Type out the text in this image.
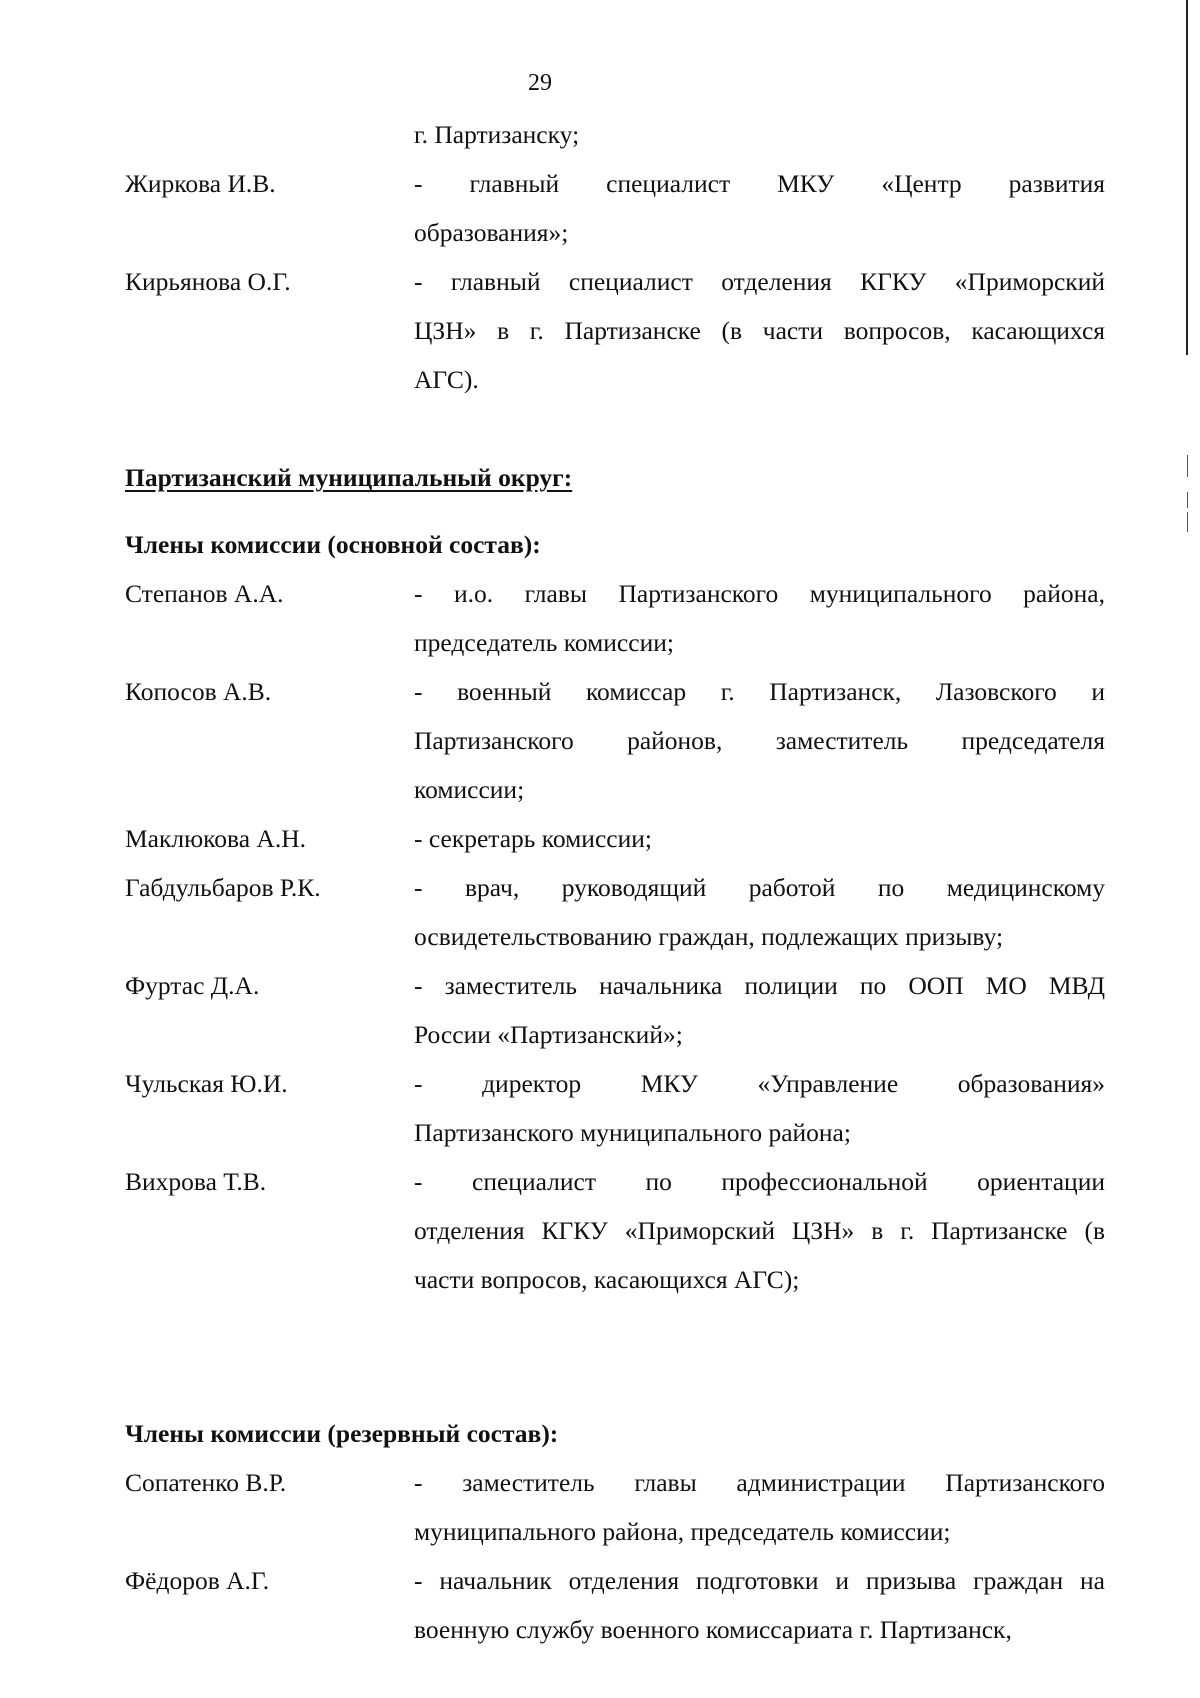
29
г. Партизанску;
Жиркова И.В.	- главный специалист МКУ «Центр развития
образования»;
Кирьянова О.Г.	- главный специалист отделения КГКУ «Приморский
ЦЗН» в г. Партизанске (в части вопросов, касающихся
АГС).
Партизанский муниципальный округ:
Члены комиссии (основной состав):
Степанов А.А.	- и.о. главы Партизанского муниципального района,
председатель комиссии;
Копосов А.В.	- военный комиссар г. Партизанск, Лазовского и
Партизанского районов, заместитель председателя
комиссии;
Маклюкова А.Н.	- секретарь комиссии;
Габдульбаров Р.К.	- врач, руководящий работой по медицинскому
освидетельствованию граждан, подлежащих призыву;
Фуртас Д.А.	- заместитель начальника полиции по ООП МО МВД
России «Партизанский»;
Чульская Ю.И.	- директор МКУ «Управление образования»
Партизанского муниципального района;
Вихрова Т.В.	- специалист по профессиональной ориентации
отделения КГКУ «Приморский ЦЗН» в г. Партизанске (в
части вопросов, касающихся АГС);
Члены комиссии (резервный состав):
Сопатенко В.Р.	- заместитель главы администрации Партизанского
муниципального района, председатель комиссии;
Фёдоров А.Г.	- начальник отделения подготовки и призыва граждан на
военную службу военного комиссариата г. Партизанск,
